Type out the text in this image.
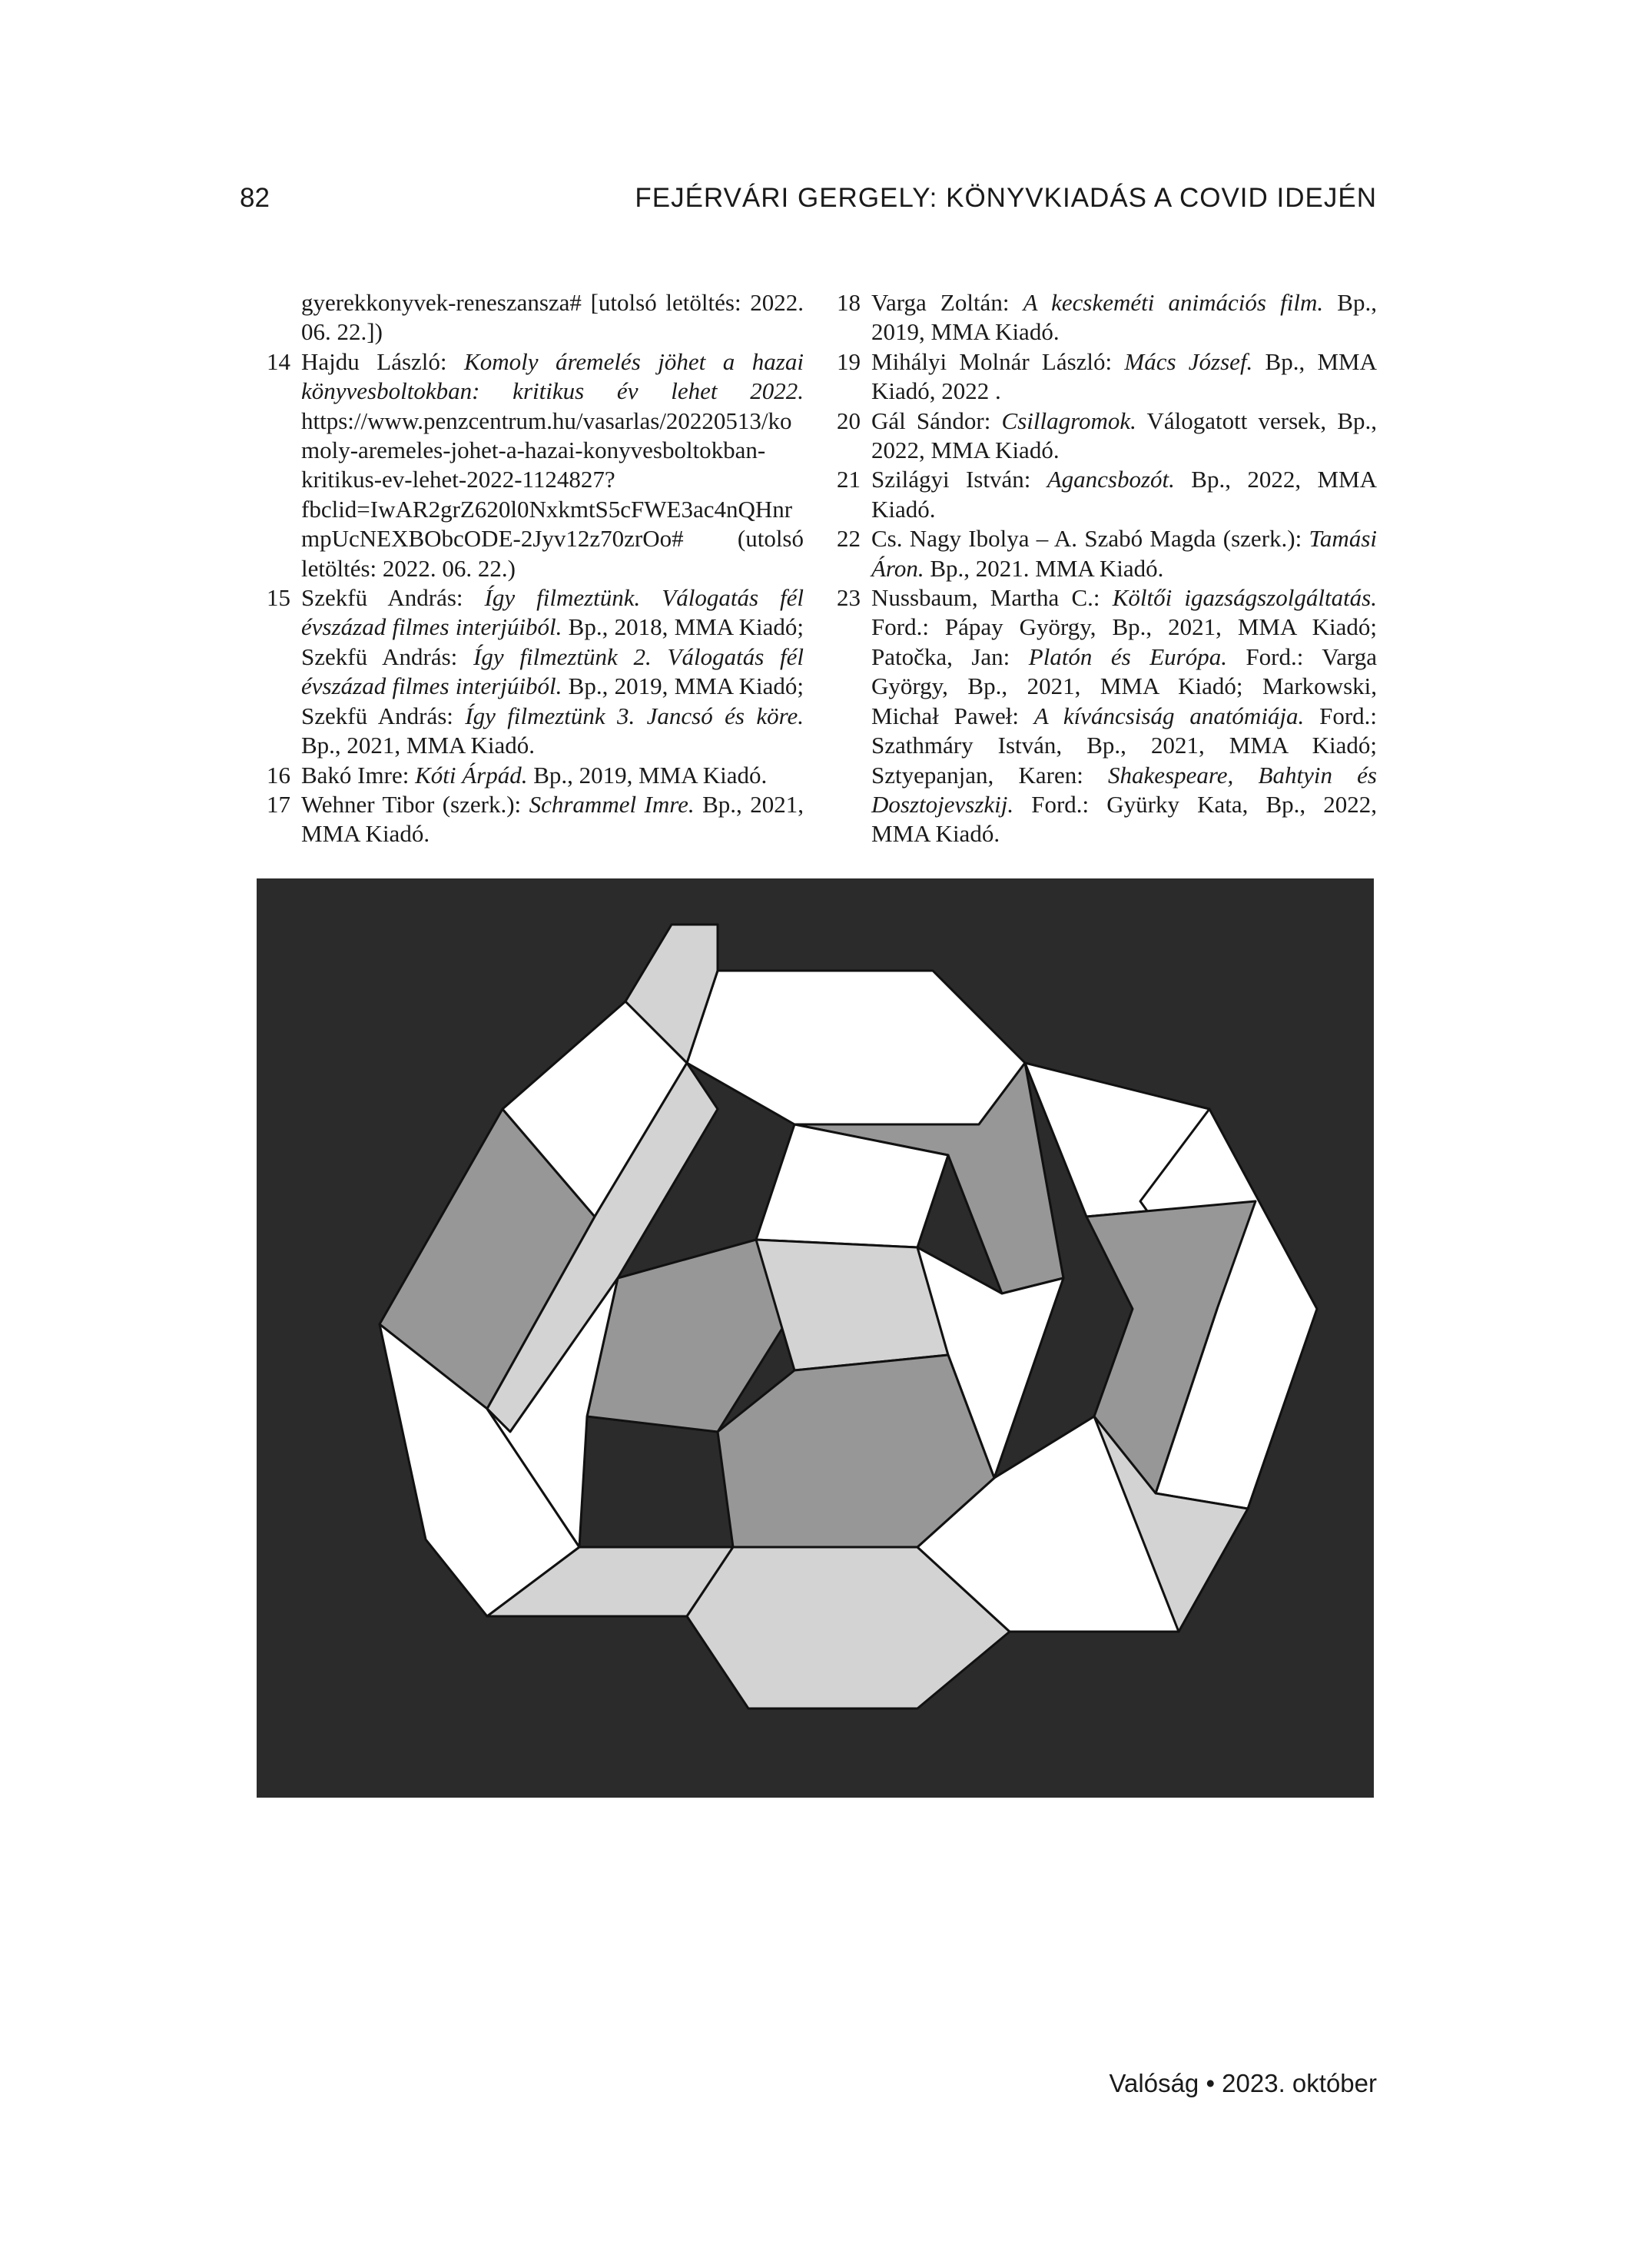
82	FEJÉRVÁRI GERGELY: KÖNYVKIADÁS A COVID IDEJÉN
gyerekkonyvek-reneszansza# [utolsó letöltés: 2022. 06. 22.])
14 Hajdu László: Komoly áremelés jöhet a hazai könyvesboltokban: kritikus év lehet 2022. https://www.penzcentrum.hu/vasarlas/20220513/komoly-aremeles-johet-a-hazai-konyvesboltokban-kritikus-ev-lehet-2022-1124827?fbclid=IwAR2grZ620l0NxkmtS5cFWE3ac4nQHnrmpUcNEXBObcODE-2Jyv12z70zrOo# (utolsó letöltés: 2022. 06. 22.)
15 Szekfü András: Így filmeztünk. Válogatás fél évszázad filmes interjúiból. Bp., 2018, MMA Kiadó; Szekfü András: Így filmeztünk 2. Válogatás fél évszázad filmes interjúiból. Bp., 2019, MMA Kiadó; Szekfü András: Így filmeztünk 3. Jancsó és köre. Bp., 2021, MMA Kiadó.
16 Bakó Imre: Kóti Árpád. Bp., 2019, MMA Kiadó.
17 Wehner Tibor (szerk.): Schrammel Imre. Bp., 2021, MMA Kiadó.
18 Varga Zoltán: A kecskeméti animációs film. Bp., 2019, MMA Kiadó.
19 Mihályi Molnár László: Mács József. Bp., MMA Kiadó, 2022 .
20 Gál Sándor: Csillagromok. Válogatott versek, Bp., 2022, MMA Kiadó.
21 Szilágyi István: Agancsbozót. Bp., 2022, MMA Kiadó.
22 Cs. Nagy Ibolya – A. Szabó Magda (szerk.): Tamási Áron. Bp., 2021. MMA Kiadó.
23 Nussbaum, Martha C.: Költői igazságszolgáltatás. Ford.: Pápay György, Bp., 2021, MMA Kiadó; Patočka, Jan: Platón és Európa. Ford.: Varga György, Bp., 2021, MMA Kiadó; Markowski, Michał Paweł: A kíváncsiság anatómiája. Ford.: Szathmáry István, Bp., 2021, MMA Kiadó; Sztyepanjan, Karen: Shakespeare, Bahtyin és Dosztojevszkij. Ford.: Gyürky Kata, Bp., 2022, MMA Kiadó.
Valóság • 2023. október
